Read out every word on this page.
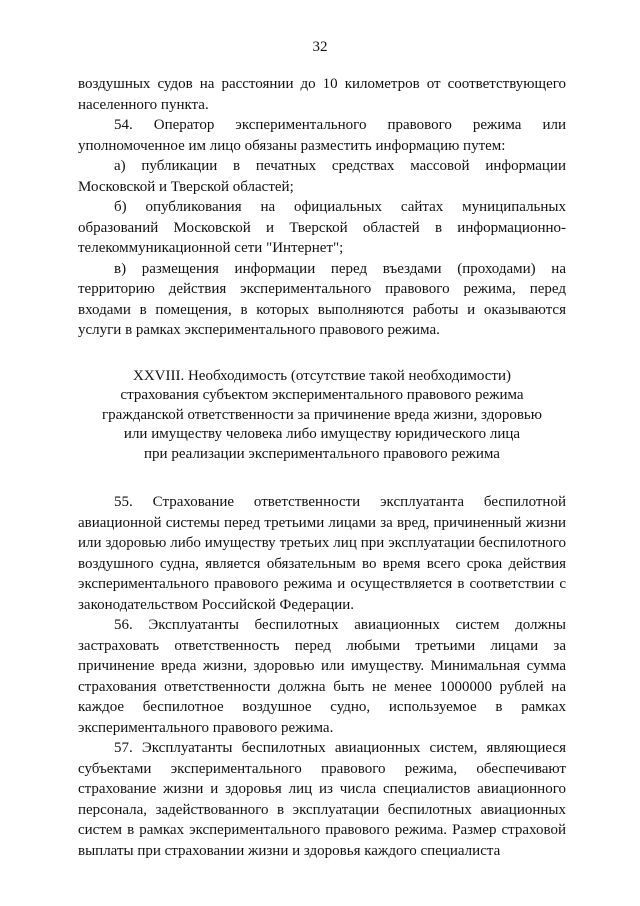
32

воздушных судов на расстоянии до 10 километров от соответствующего населенного пункта.

54. Оператор экспериментального правового режима или уполномоченное им лицо обязаны разместить информацию путем:

а) публикации в печатных средствах массовой информации Московской и Тверской областей;

б) опубликования на официальных сайтах муниципальных образований Московской и Тверской областей в информационно-телекоммуникационной сети "Интернет";

в) размещения информации перед въездами (проходами) на территорию действия экспериментального правового режима, перед входами в помещения, в которых выполняются работы и оказываются услуги в рамках экспериментального правового режима.

XXVIII. Необходимость (отсутствие такой необходимости)
страхования субъектом экспериментального правового режима
гражданской ответственности за причинение вреда жизни, здоровью
или имуществу человека либо имуществу юридического лица
при реализации экспериментального правового режима

55. Страхование ответственности эксплуатанта беспилотной авиационной системы перед третьими лицами за вред, причиненный жизни или здоровью либо имуществу третьих лиц при эксплуатации беспилотного воздушного судна, является обязательным во время всего срока действия экспериментального правового режима и осуществляется в соответствии с законодательством Российской Федерации.

56. Эксплуатанты беспилотных авиационных систем должны застраховать ответственность перед любыми третьими лицами за причинение вреда жизни, здоровью или имуществу. Минимальная сумма страхования ответственности должна быть не менее 1000000 рублей на каждое беспилотное воздушное судно, используемое в рамках экспериментального правового режима.

57. Эксплуатанты беспилотных авиационных систем, являющиеся субъектами экспериментального правового режима, обеспечивают страхование жизни и здоровья лиц из числа специалистов авиационного персонала, задействованного в эксплуатации беспилотных авиационных систем в рамках экспериментального правового режима. Размер страховой выплаты при страховании жизни и здоровья каждого специалиста
